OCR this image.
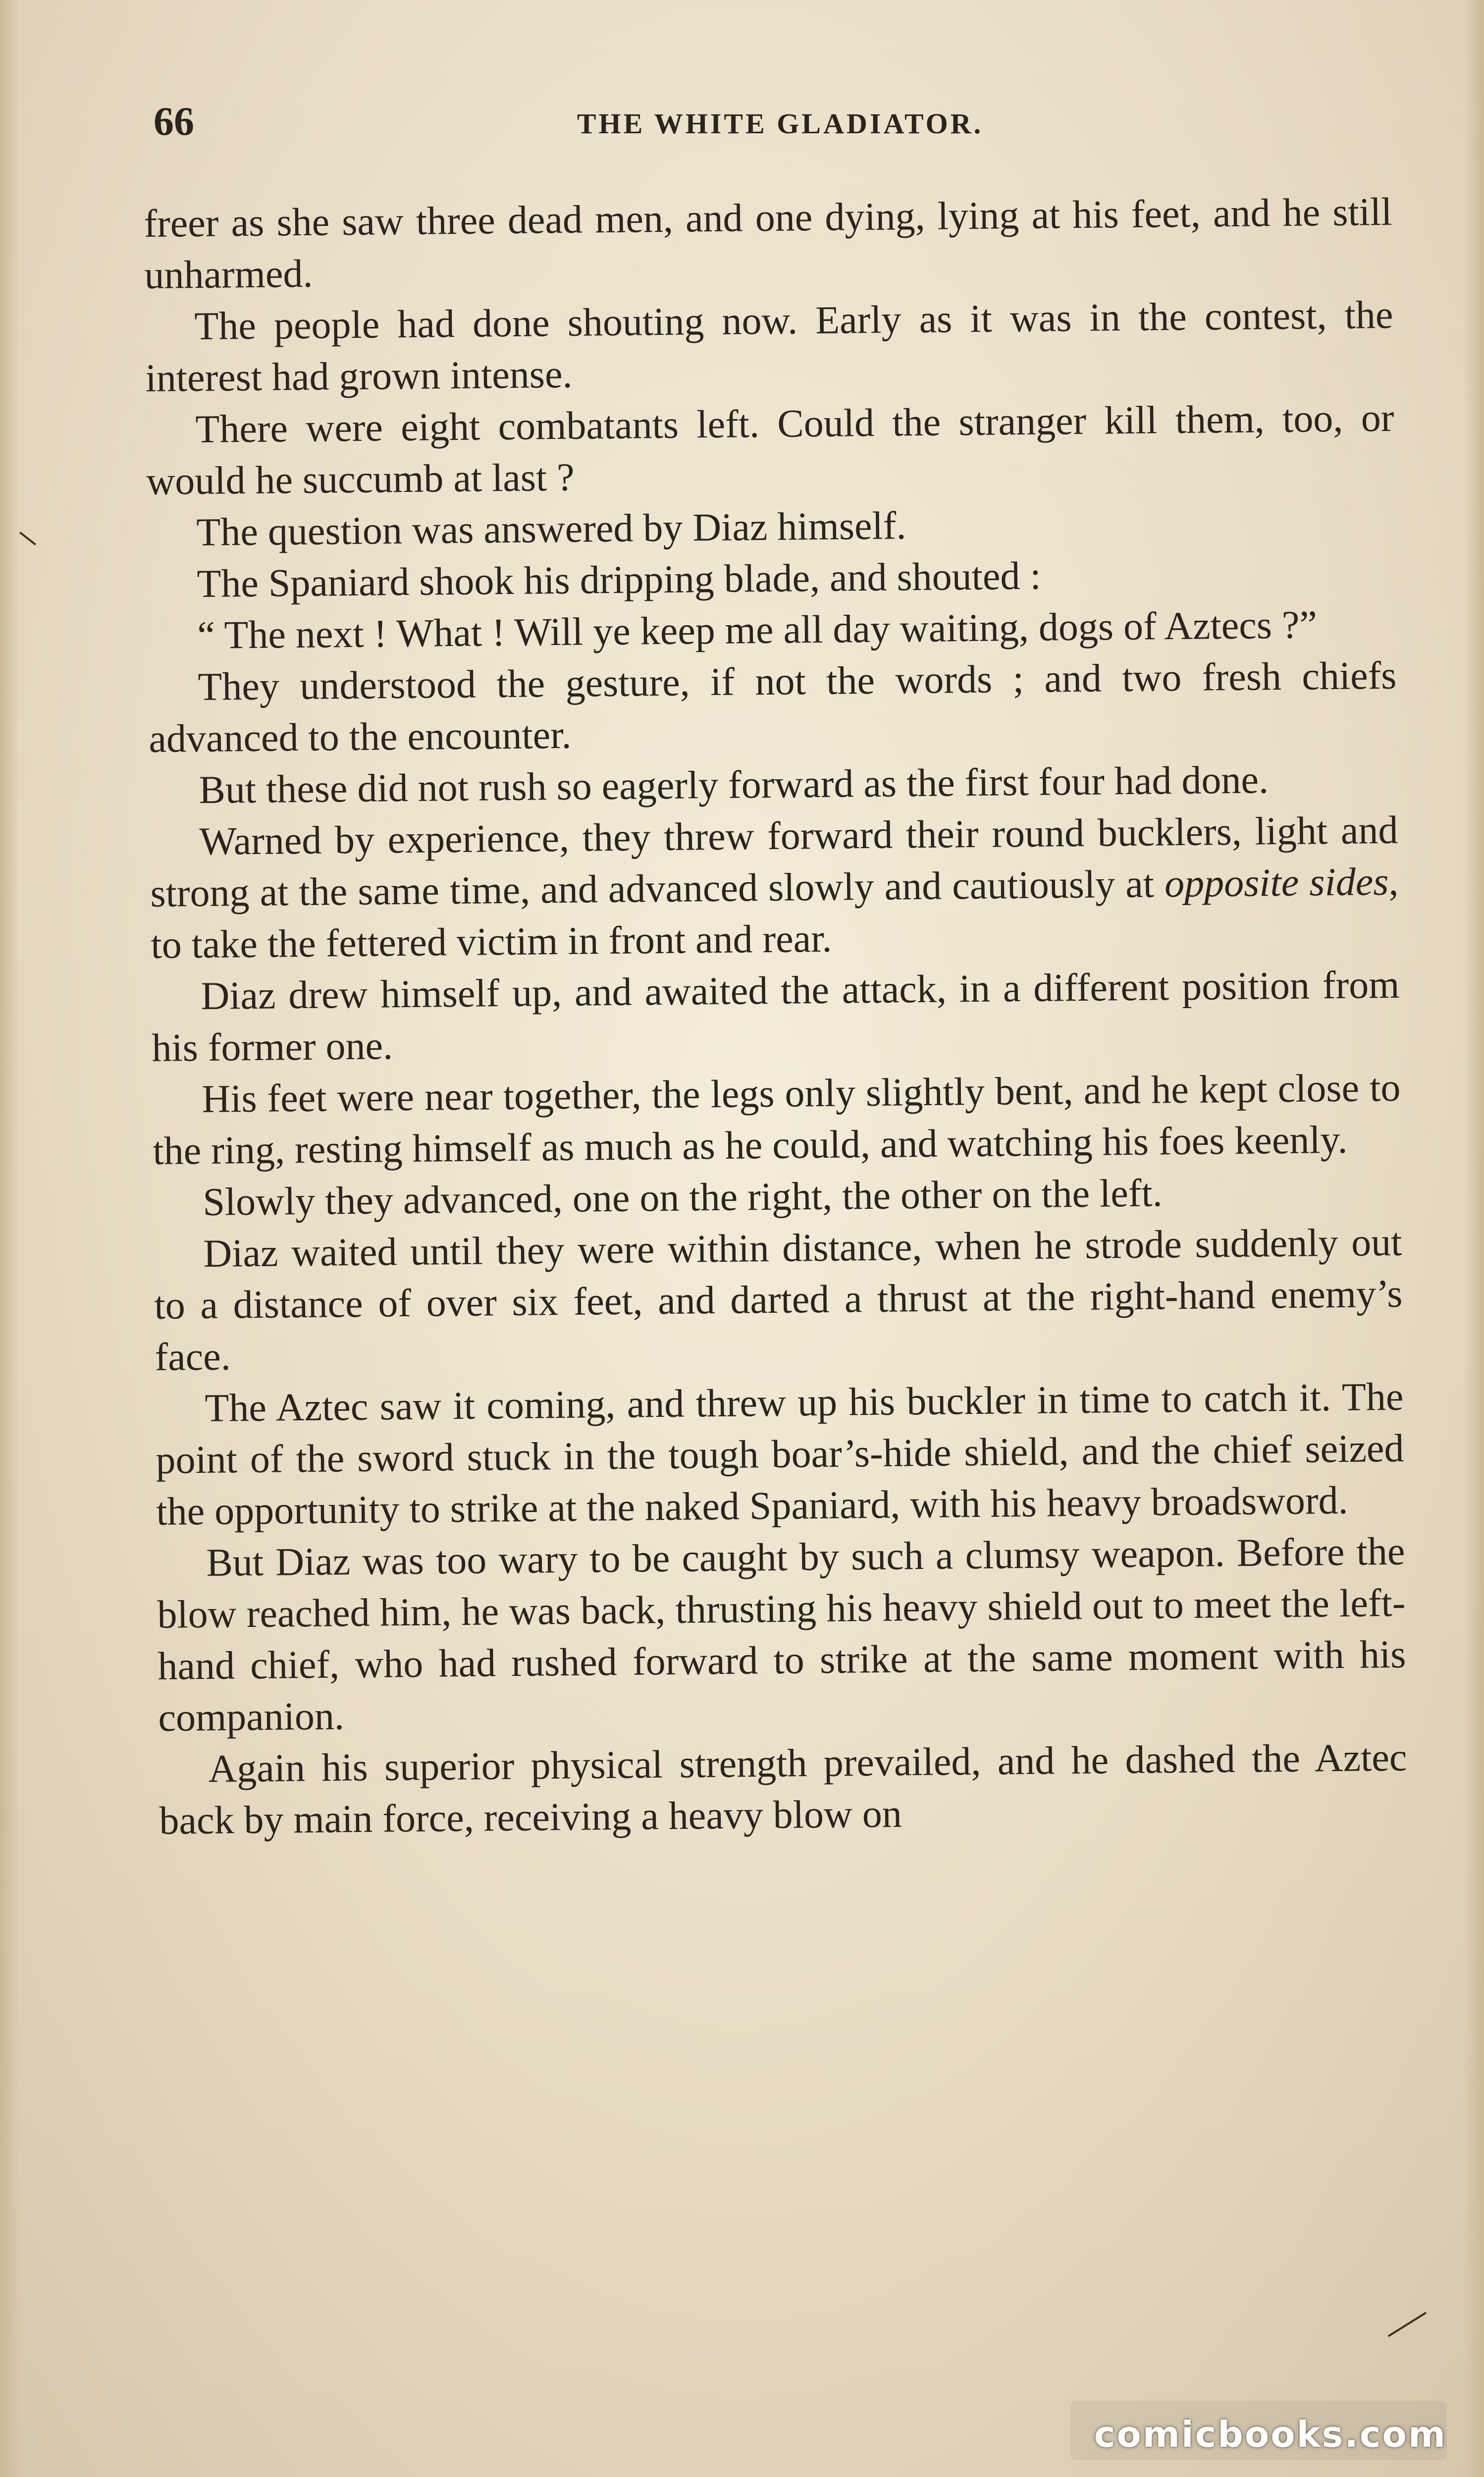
66	THE WHITE GLADIATOR.

freer as she saw three dead men, and one dying, lying at his feet, and he still unharmed.

The people had done shouting now. Early as it was in the contest, the interest had grown intense.

There were eight combatants left. Could the stranger kill them, too, or would he succumb at last ?

The question was answered by Diaz himself.

The Spaniard shook his dripping blade, and shouted :

“ The next ! What ! Will ye keep me all day waiting, dogs of Aztecs ?”

They understood the gesture, if not the words ; and two fresh chiefs advanced to the encounter.

But these did not rush so eagerly forward as the first four had done.

Warned by experience, they threw forward their round bucklers, light and strong at the same time, and advanced slowly and cautiously at opposite sides, to take the fettered victim in front and rear.

Diaz drew himself up, and awaited the attack, in a different position from his former one.

His feet were near together, the legs only slightly bent, and he kept close to the ring, resting himself as much as he could, and watching his foes keenly.

Slowly they advanced, one on the right, the other on the left.

Diaz waited until they were within distance, when he strode suddenly out to a distance of over six feet, and darted a thrust at the right-hand enemy’s face.

The Aztec saw it coming, and threw up his buckler in time to catch it. The point of the sword stuck in the tough boar’s-hide shield, and the chief seized the opportunity to strike at the naked Spaniard, with his heavy broadsword.

But Diaz was too wary to be caught by such a clumsy weapon. Before the blow reached him, he was back, thrusting his heavy shield out to meet the left-hand chief, who had rushed forward to strike at the same moment with his companion.

Again his superior physical strength prevailed, and he dashed the Aztec back by main force, receiving a heavy blow on

comicbooks.com
